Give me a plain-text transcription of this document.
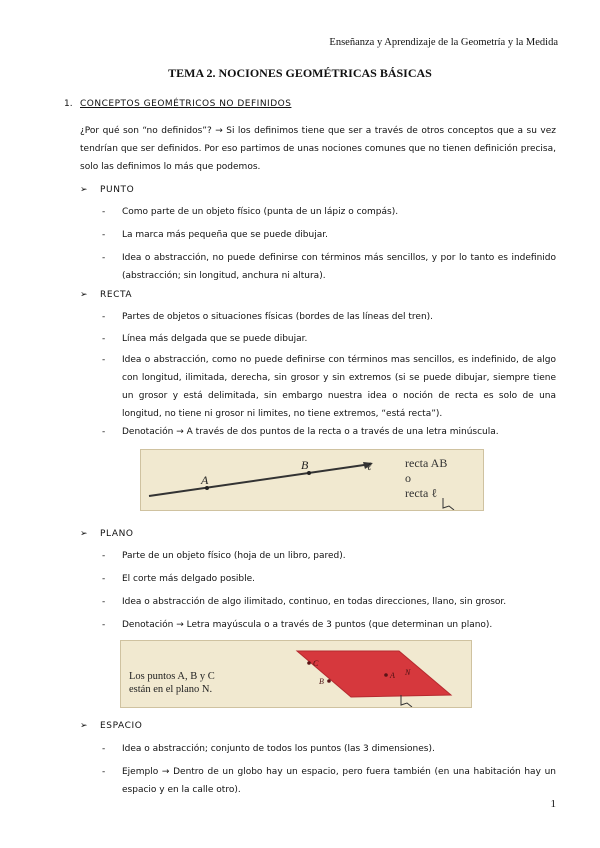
Enseñanza y Aprendizaje de la Geometría y la Medida
TEMA 2. NOCIONES GEOMÉTRICAS BÁSICAS
1. CONCEPTOS GEOMÉTRICOS NO DEFINIDOS
¿Por qué son “no definidos”? → Si los definimos tiene que ser a través de otros conceptos que a su vez tendrían que ser definidos. Por eso partimos de unas nociones comunes que no tienen definición precisa, solo las definimos lo más que podemos.
➢ PUNTO
- Como parte de un objeto físico (punta de un lápiz o compás).
- La marca más pequeña que se puede dibujar.
- Idea o abstracción, no puede definirse con términos más sencillos, y por lo tanto es indefinido (abstracción; sin longitud, anchura ni altura).
➢ RECTA
- Partes de objetos o situaciones físicas (bordes de las líneas del tren).
- Línea más delgada que se puede dibujar.
- Idea o abstracción, como no puede definirse con términos mas sencillos, es indefinido, de algo con longitud, ilimitada, derecha, sin grosor y sin extremos (si se puede dibujar, siempre tiene un grosor y está delimitada, sin embargo nuestra idea o noción de recta es solo de una longitud, no tiene ni grosor ni limites, no tiene extremos, “está recta”).
- Denotación → A través de dos puntos de la recta o a través de una letra minúscula.
A
B	ℓ	recta AB
o
recta ℓ
➢ PLANO
- Parte de un objeto físico (hoja de un libro, pared).
- El corte más delgado posible.
- Idea o abstracción de algo ilimitado, continuo, en todas direcciones, llano, sin grosor.
- Denotación → Letra mayúscula o a través de 3 puntos (que determinan un plano).
C
B
A N
Los puntos A, B y C
están en el plano N.
➢ ESPACIO
- Idea o abstracción; conjunto de todos los puntos (las 3 dimensiones).
- Ejemplo → Dentro de un globo hay un espacio, pero fuera también (en una habitación hay un espacio y en la calle otro).
1
